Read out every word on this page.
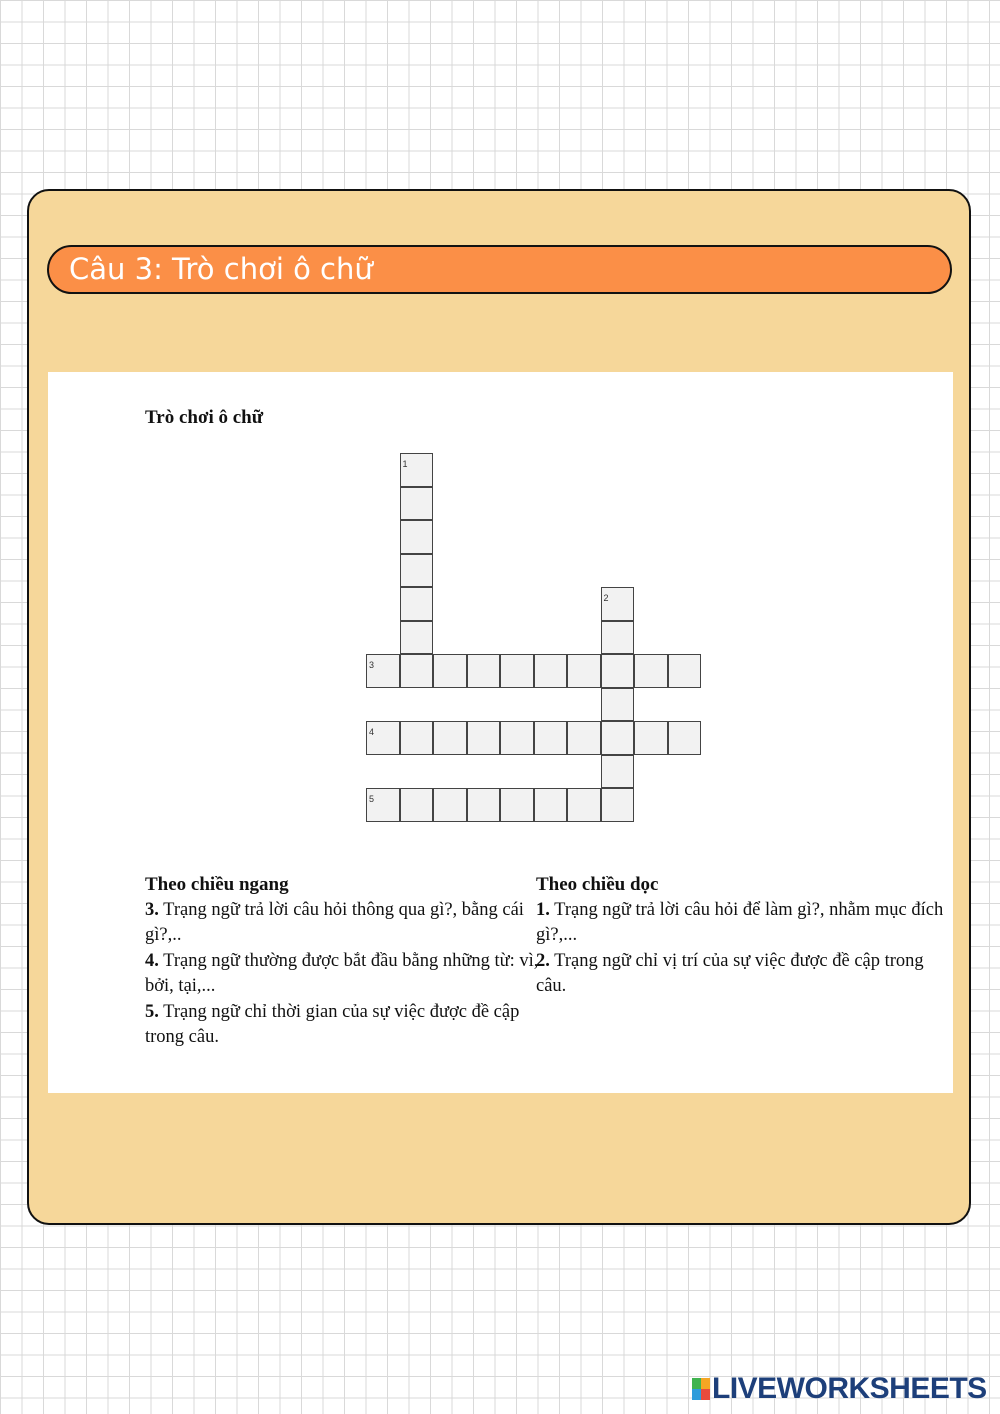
Câu 3: Trò chơi ô chữ
Trò chơi ô chữ
1
2
3
4
5
Theo chiều ngang
3. Trạng ngữ trả lời câu hỏi thông qua gì?, bằng cái gì?,..
4. Trạng ngữ thường được bắt đầu bằng những từ: vì, bởi, tại,...
5. Trạng ngữ chỉ thời gian của sự việc được đề cập trong câu.
Theo chiều dọc
1. Trạng ngữ trả lời câu hỏi để làm gì?, nhằm mục đích gì?,...
2. Trạng ngữ chỉ vị trí của sự việc được đề cập trong câu.
LIVEWORKSHEETS
